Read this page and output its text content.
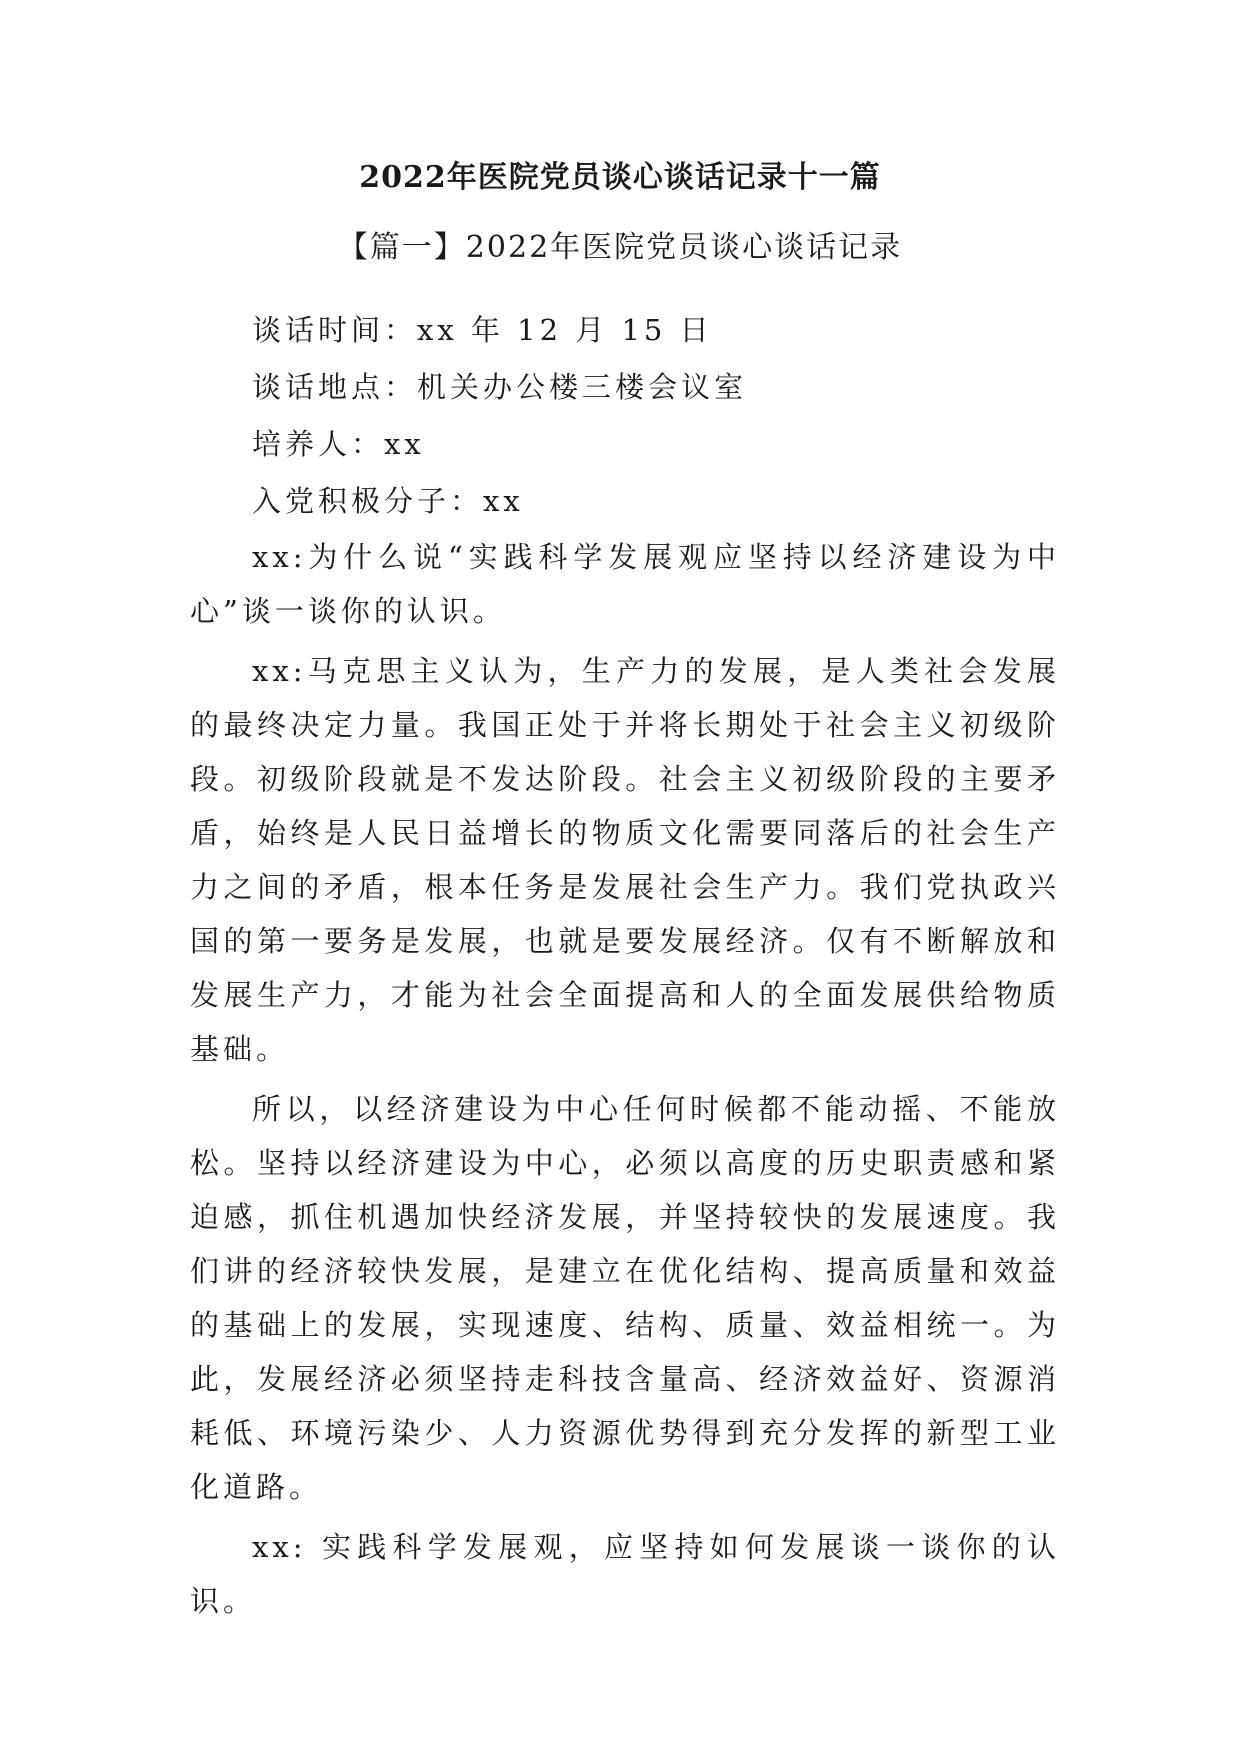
2022年医院党员谈心谈话记录十一篇
【篇一】2022年医院党员谈心谈话记录

谈话时间：xx 年 12 月 15 日

谈话地点：机关办公楼三楼会议室

培养人：xx

入党积极分子：xx

xx:为什么说“实践科学发展观应坚持以经济建设为中心”谈一谈你的认识。

xx:马克思主义认为，生产力的发展，是人类社会发展的最终决定力量。我国正处于并将长期处于社会主义初级阶段。初级阶段就是不发达阶段。社会主义初级阶段的主要矛盾，始终是人民日益增长的物质文化需要同落后的社会生产力之间的矛盾，根本任务是发展社会生产力。我们党执政兴国的第一要务是发展，也就是要发展经济。仅有不断解放和发展生产力，才能为社会全面提高和人的全面发展供给物质基础。

所以，以经济建设为中心任何时候都不能动摇、不能放松。坚持以经济建设为中心，必须以高度的历史职责感和紧迫感，抓住机遇加快经济发展，并坚持较快的发展速度。我们讲的经济较快发展，是建立在优化结构、提高质量和效益的基础上的发展，实现速度、结构、质量、效益相统一。为此，发展经济必须坚持走科技含量高、经济效益好、资源消耗低、环境污染少、人力资源优势得到充分发挥的新型工业化道路。

xx: 实践科学发展观，应坚持如何发展谈一谈你的认识。
